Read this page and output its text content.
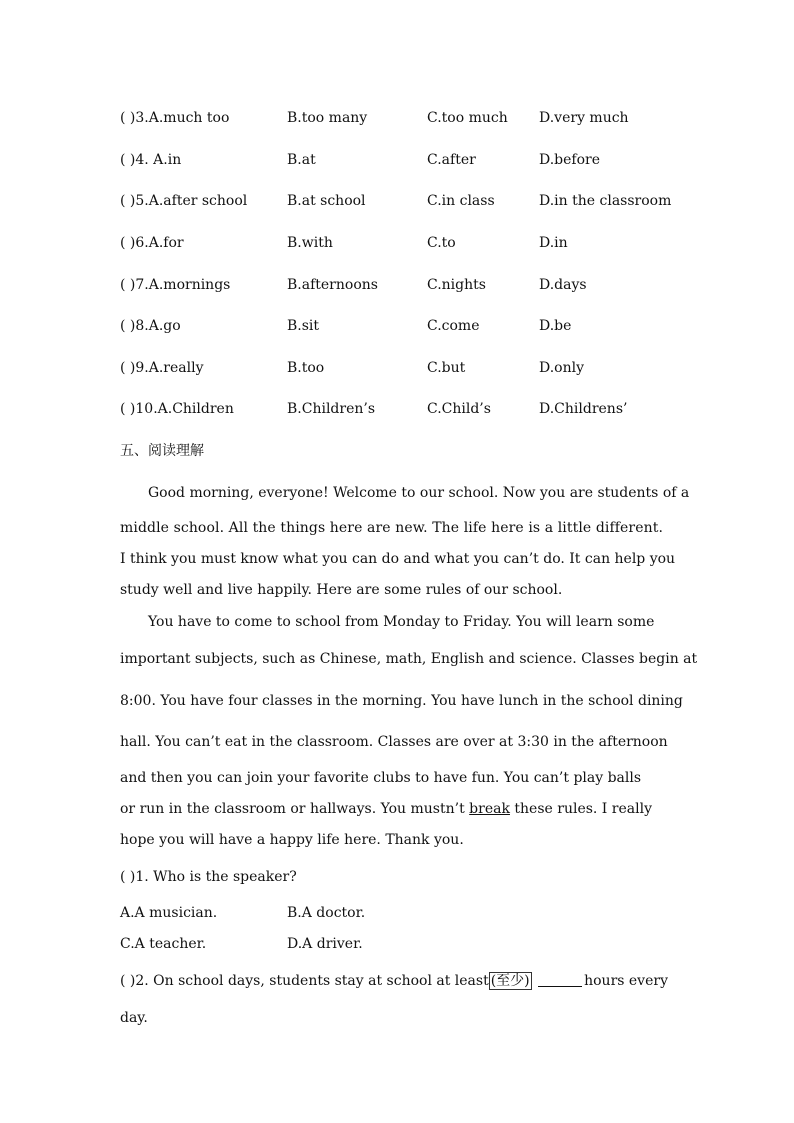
( )3.A.much too	B.too many	C.too much D.very much
( )4. A.in	B.at	C.after	D.before
( )5.A.after school	B.at school	C.in class	D.in the classroom
( )6.A.for	B.with	C.to	D.in
( )7.A.mornings	B.afternoons	C.nights	D.days
( )8.A.go	B.sit	C.come	D.be
( )9.A.really	B.too	C.but	D.only
( )10.A.Children	B.Children’s	C.Child’s	D.Childrens’
五、阅读理解
Good morning, everyone! Welcome to our school. Now you are students of a
middle school. All the things here are new. The life here is a little different.
I think you must know what you can do and what you can’t do. It can help you
study well and live happily. Here are some rules of our school.
You have to come to school from Monday to Friday. You will learn some
important subjects, such as Chinese, math, English and science. Classes begin at
8:00. You have four classes in the morning. You have lunch in the school dining
hall. You can’t eat in the classroom. Classes are over at 3:30 in the afternoon
and then you can join your favorite clubs to have fun. You can’t play balls
or run in the classroom or hallways. You mustn’t break these rules. I really
hope you will have a happy life here. Thank you.
( )1. Who is the speaker?
A.A musician.	B.A doctor.
C.A teacher.	D.A driver.
( )2. On school days, students stay at school at least (至少)	hours every
day.
